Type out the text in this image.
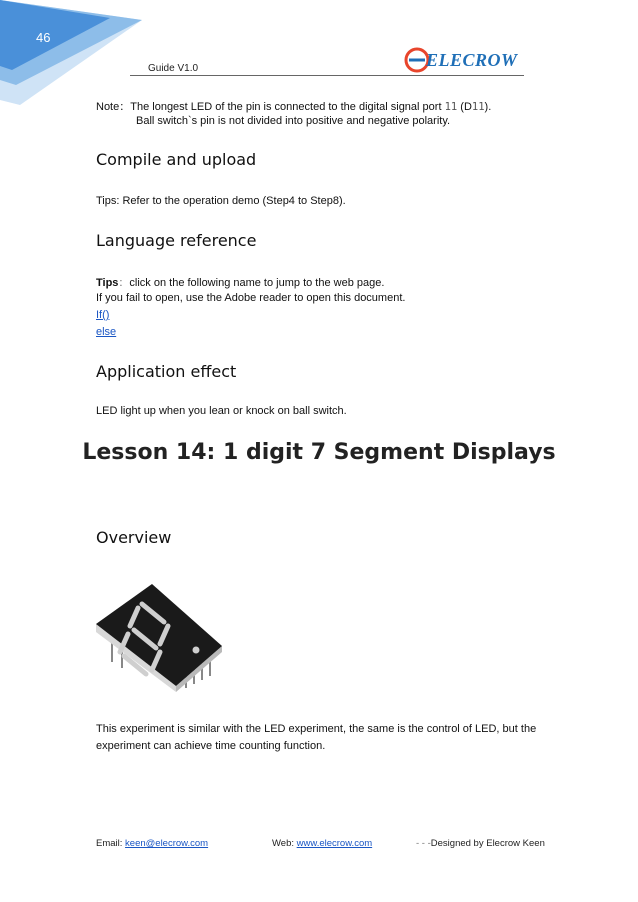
46
Guide V1.0	ELECROW
Note：The longest LED of the pin is connected to the digital signal port 11 (D11).
Ball switch`s pin is not divided into positive and negative polarity.
Compile and upload
Tips: Refer to the operation demo (Step4 to Step8).
Language reference
Tips：click on the following name to jump to the web page.
If you fail to open, use the Adobe reader to open this document.
If()
else
Application effect
LED light up when you lean or knock on ball switch.
Lesson 14: 1 digit 7 Segment Displays
Overview
This experiment is similar with the LED experiment, the same is the control of LED, but the
experiment can achieve time counting function.
Email: keen@elecrow.com	Web: www.elecrow.com	- - -Designed by Elecrow Keen
